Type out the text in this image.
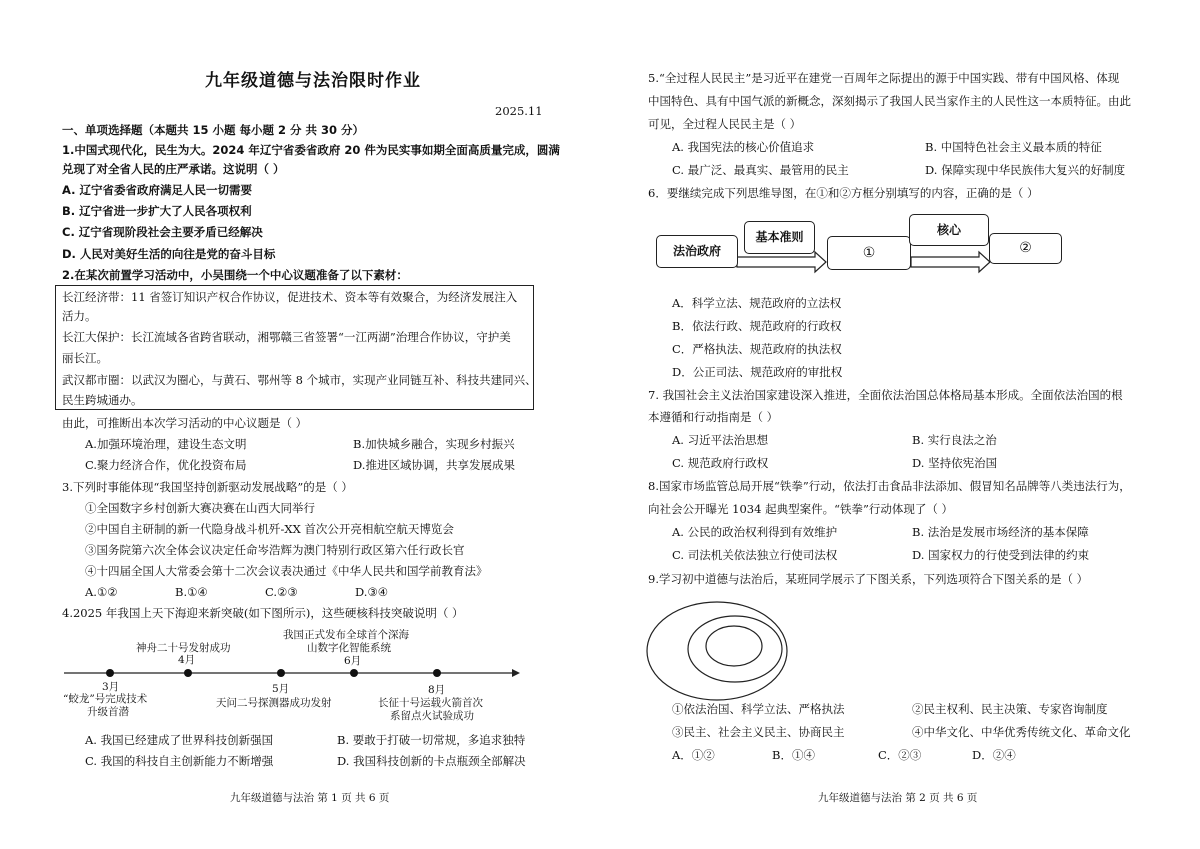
九年级道德与法治限时作业
2025.11
一、单项选择题（本题共 15 小题 每小题 2 分 共 30 分）
1.中国式现代化，民生为大。2024 年辽宁省委省政府 20 件为民实事如期全面高质量完成，圆满
兑现了对全省人民的庄严承诺。这说明（ ）
A. 辽宁省委省政府满足人民一切需要
B. 辽宁省进一步扩大了人民各项权利
C. 辽宁省现阶段社会主要矛盾已经解决
D. 人民对美好生活的向往是党的奋斗目标
2.在某次前置学习活动中，小吴围绕一个中心议题准备了以下素材：
长江经济带：11 省签订知识产权合作协议，促进技术、资本等有效聚合，为经济发展注入
活力。
长江大保护：长江流域各省跨省联动，湘鄂赣三省签署“一江两湖”治理合作协议，守护美
丽长江。
武汉都市圈：以武汉为圈心，与黄石、鄂州等 8 个城市，实现产业同链互补、科技共建同兴、
民生跨城通办。
由此，可推断出本次学习活动的中心议题是（ ）
A.加强环境治理，建设生态文明	B.加快城乡融合，实现乡村振兴
C.聚力经济合作，优化投资布局	D.推进区域协调，共享发展成果
3.下列时事能体现“我国坚持创新驱动发展战略”的是（ ）
①全国数字乡村创新大赛决赛在山西大同举行
②中国自主研制的新一代隐身战斗机歼-XX 首次公开亮相航空航天博览会
③国务院第六次全体会议决定任命岑浩辉为澳门特别行政区第六任行政长官
④十四届全国人大常委会第十二次会议表决通过《中华人民共和国学前教育法》
A.①②	B.①④	C.②③	D.③④
4.2025 年我国上天下海迎来新突破(如下图所示)，这些硬核科技突破说明（ ）
我国正式发布全球首个深海
山数字化智能系统
神舟二十号发射成功
4月	6月
3月	5月	8月
“蛟龙”号完成技术
升级首潜
天问二号探测器成功发射	长征十号运载火箭首次
系留点火试验成功
A. 我国已经建成了世界科技创新强国	B. 要敢于打破一切常规，多追求独特
C. 我国的科技自主创新能力不断增强	D. 我国科技创新的卡点瓶颈全部解决
九年级道德与法治 第 1 页 共 6 页
5.“全过程人民民主”是习近平在建党一百周年之际提出的源于中国实践、带有中国风格、体现
中国特色、具有中国气派的新概念，深刻揭示了我国人民当家作主的人民性这一本质特征。由此
可见，全过程人民民主是（ ）
A. 我国宪法的核心价值追求	B. 中国特色社会主义最本质的特征
C. 最广泛、最真实、最管用的民主	D. 保障实现中华民族伟大复兴的好制度
6．要继续完成下列思维导图，在①和②方框分别填写的内容，正确的是（ ）
法治政府
基本准则
①
核心
②
A．科学立法、规范政府的立法权
B．依法行政、规范政府的行政权
C．严格执法、规范政府的执法权
D．公正司法、规范政府的审批权
7. 我国社会主义法治国家建设深入推进，全面依法治国总体格局基本形成。全面依法治国的根
本遵循和行动指南是（ ）
A. 习近平法治思想	B. 实行良法之治
C. 规范政府行政权	D. 坚持依宪治国
8.国家市场监管总局开展“铁拳”行动，依法打击食品非法添加、假冒知名品牌等八类违法行为，
向社会公开曝光 1034 起典型案件。“铁拳”行动体现了（ ）
A. 公民的政治权利得到有效维护	B. 法治是发展市场经济的基本保障
C. 司法机关依法独立行使司法权	D. 国家权力的行使受到法律的约束
9.学习初中道德与法治后，某班同学展示了下图关系，下列选项符合下图关系的是（ ）
①依法治国、科学立法、严格执法	②民主权利、民主决策、专家咨询制度
③民主、社会主义民主、协商民主	④中华文化、中华优秀传统文化、革命文化
A．①②	B．①④	C．②③	D．②④
九年级道德与法治 第 2 页 共 6 页
